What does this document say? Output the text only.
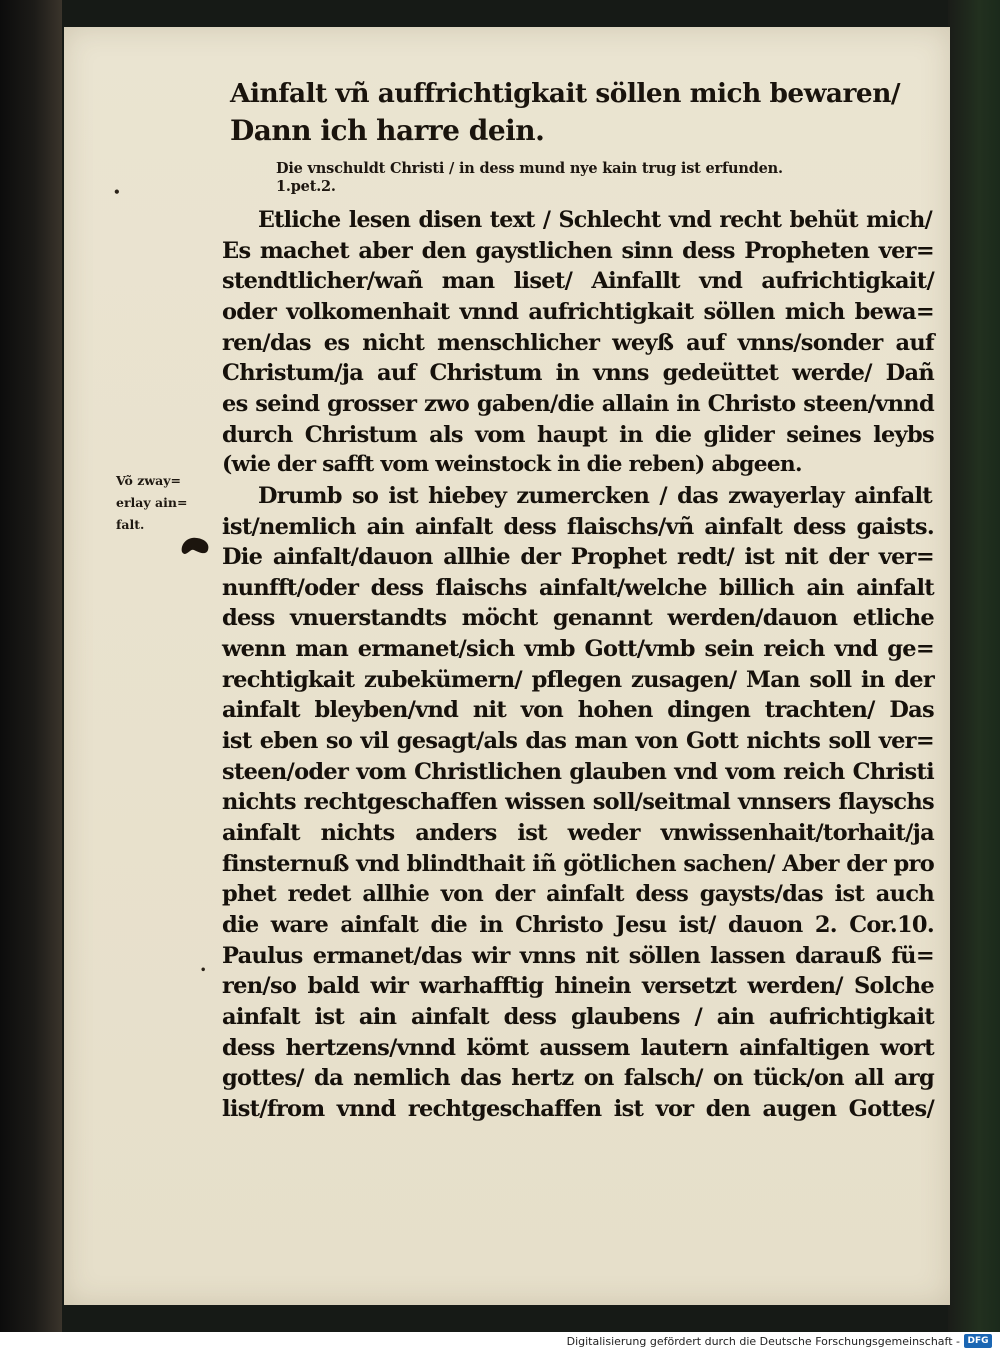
Ainfalt vñ auffrichtigkait söllen mich bewaren/
Dann ich harre dein.
Die vnschuldt Christi / in dess mund nye kain trug ist erfunden.
1.pet.2.
•
•
Etliche lesen disen text / Schlecht vnd recht behüt mich/
Es machet aber den gaystlichen sinn dess Propheten ver=
stendtlicher/wañ man liset/ Ainfallt vnd aufrichtigkait/
oder volkomenhait vnnd aufrichtigkait söllen mich bewa=
ren/das es nicht menschlicher weyß auf vnns/sonder auf
Christum/ja auf Christum in vnns gedeüttet werde/ Dañ
es seind grosser zwo gaben/die allain in Christo steen/vnnd
durch Christum als vom haupt in die glider seines leybs
(wie der safft vom weinstock in die reben) abgeen.
Drumb so ist hiebey zumercken / das zwayerlay ainfalt
ist/nemlich ain ainfalt dess flaischs/vñ ainfalt dess gaists.
Die ainfalt/dauon allhie der Prophet redt/ ist nit der ver=
nunfft/oder dess flaischs ainfalt/welche billich ain ainfalt
dess vnuerstandts möcht genannt werden/dauon etliche
wenn man ermanet/sich vmb Gott/vmb sein reich vnd ge=
rechtigkait zubekümern/ pflegen zusagen/ Man soll in der
ainfalt bleyben/vnd nit von hohen dingen trachten/ Das
ist eben so vil gesagt/als das man von Gott nichts soll ver=
steen/oder vom Christlichen glauben vnd vom reich Christi
nichts rechtgeschaffen wissen soll/seitmal vnnsers flayschs
ainfalt nichts anders ist weder vnwissenhait/torhait/ja
finsternuß vnd blindthait iñ götlichen sachen/ Aber der pro
phet redet allhie von der ainfalt dess gaysts/das ist auch
die ware ainfalt die in Christo Jesu ist/ dauon 2. Cor.10.
Paulus ermanet/das wir vnns nit söllen lassen darauß fü=
ren/so bald wir warhafftig hinein versetzt werden/ Solche
ainfalt ist ain ainfalt dess glaubens / ain aufrichtigkait
dess hertzens/vnnd kömt aussem lautern ainfaltigen wort
gottes/ da nemlich das hertz on falsch/ on tück/on all arg
list/from vnnd rechtgeschaffen ist vor den augen Gottes/
Võ zway=
erlay ain=
falt.
Digitalisierung gefördert durch die Deutsche Forschungsgemeinschaft - DFG
